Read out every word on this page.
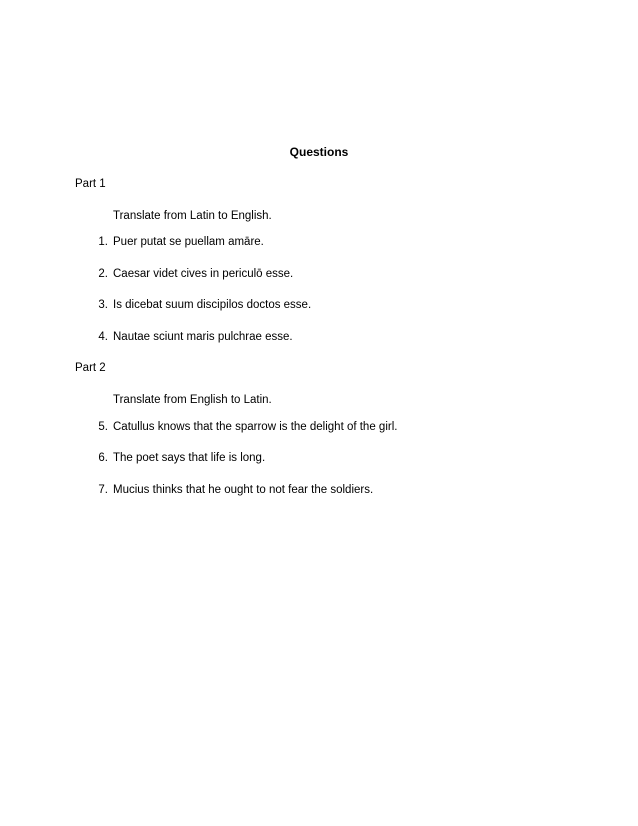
Questions
Part 1
Translate from Latin to English.
1. Puer putat se puellam amāre.
2. Caesar videt cives in periculō esse.
3. Is dicebat suum discipilos doctos esse.
4. Nautae sciunt maris pulchrae esse.
Part 2
Translate from English to Latin.
5. Catullus knows that the sparrow is the delight of the girl.
6. The poet says that life is long.
7. Mucius thinks that he ought to not fear the soldiers.
